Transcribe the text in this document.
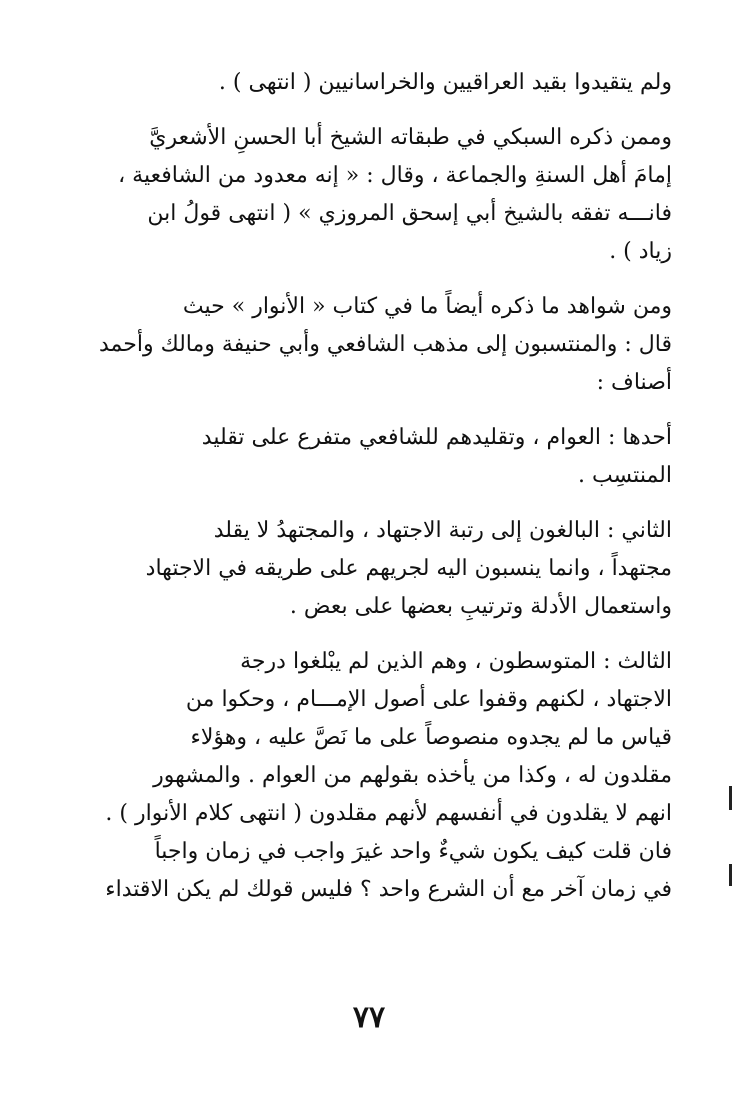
ولم يتقيدوا بقيد العراقيين والخراسانيين ( انتهى ) .
وممن ذكره السبكي في طبقاته الشيخ أبا الحسنِ الأشعريَّ
إمامَ أهل السنةِ والجماعة ، وقال : « إنه معدود من الشافعية ،
فانـــه تفقه بالشيخ أبي إسحق المروزي » ( انتهى قولُ ابن
زياد ) .
ومن شواهد ما ذكره أيضاً ما في كتاب « الأنوار » حيث
قال : والمنتسبون إلى مذهب الشافعي وأبي حنيفة ومالك وأحمد
أصناف :
أحدها : العوام ، وتقليدهم للشافعي متفرع على تقليد
المنتسِب .
الثاني : البالغون إلى رتبة الاجتهاد ، والمجتهدُ لا يقلد
مجتهداً ، وانما ينسبون اليه لجريهم على طريقه في الاجتهاد
واستعمال الأدلة وترتيبِ بعضها على بعض .
الثالث : المتوسطون ، وهم الذين لم يبْلغوا درجة
الاجتهاد ، لكنهم وقفوا على أصول الإمـــام ، وحكوا من
قياس ما لم يجدوه منصوصاً على ما نَصَّ عليه ، وهؤلاء
مقلدون له ، وكذا من يأخذه بقولهم من العوام . والمشهور
انهم لا يقلدون في أنفسهم لأنهم مقلدون ( انتهى كلام الأنوار ) .
فان قلت كيف يكون شيءٌ واحد غيرَ واجب في زمان واجباً
في زمان آخر مع أن الشرع واحد ؟ فليس قولك لم يكن الاقتداء
٧٧
